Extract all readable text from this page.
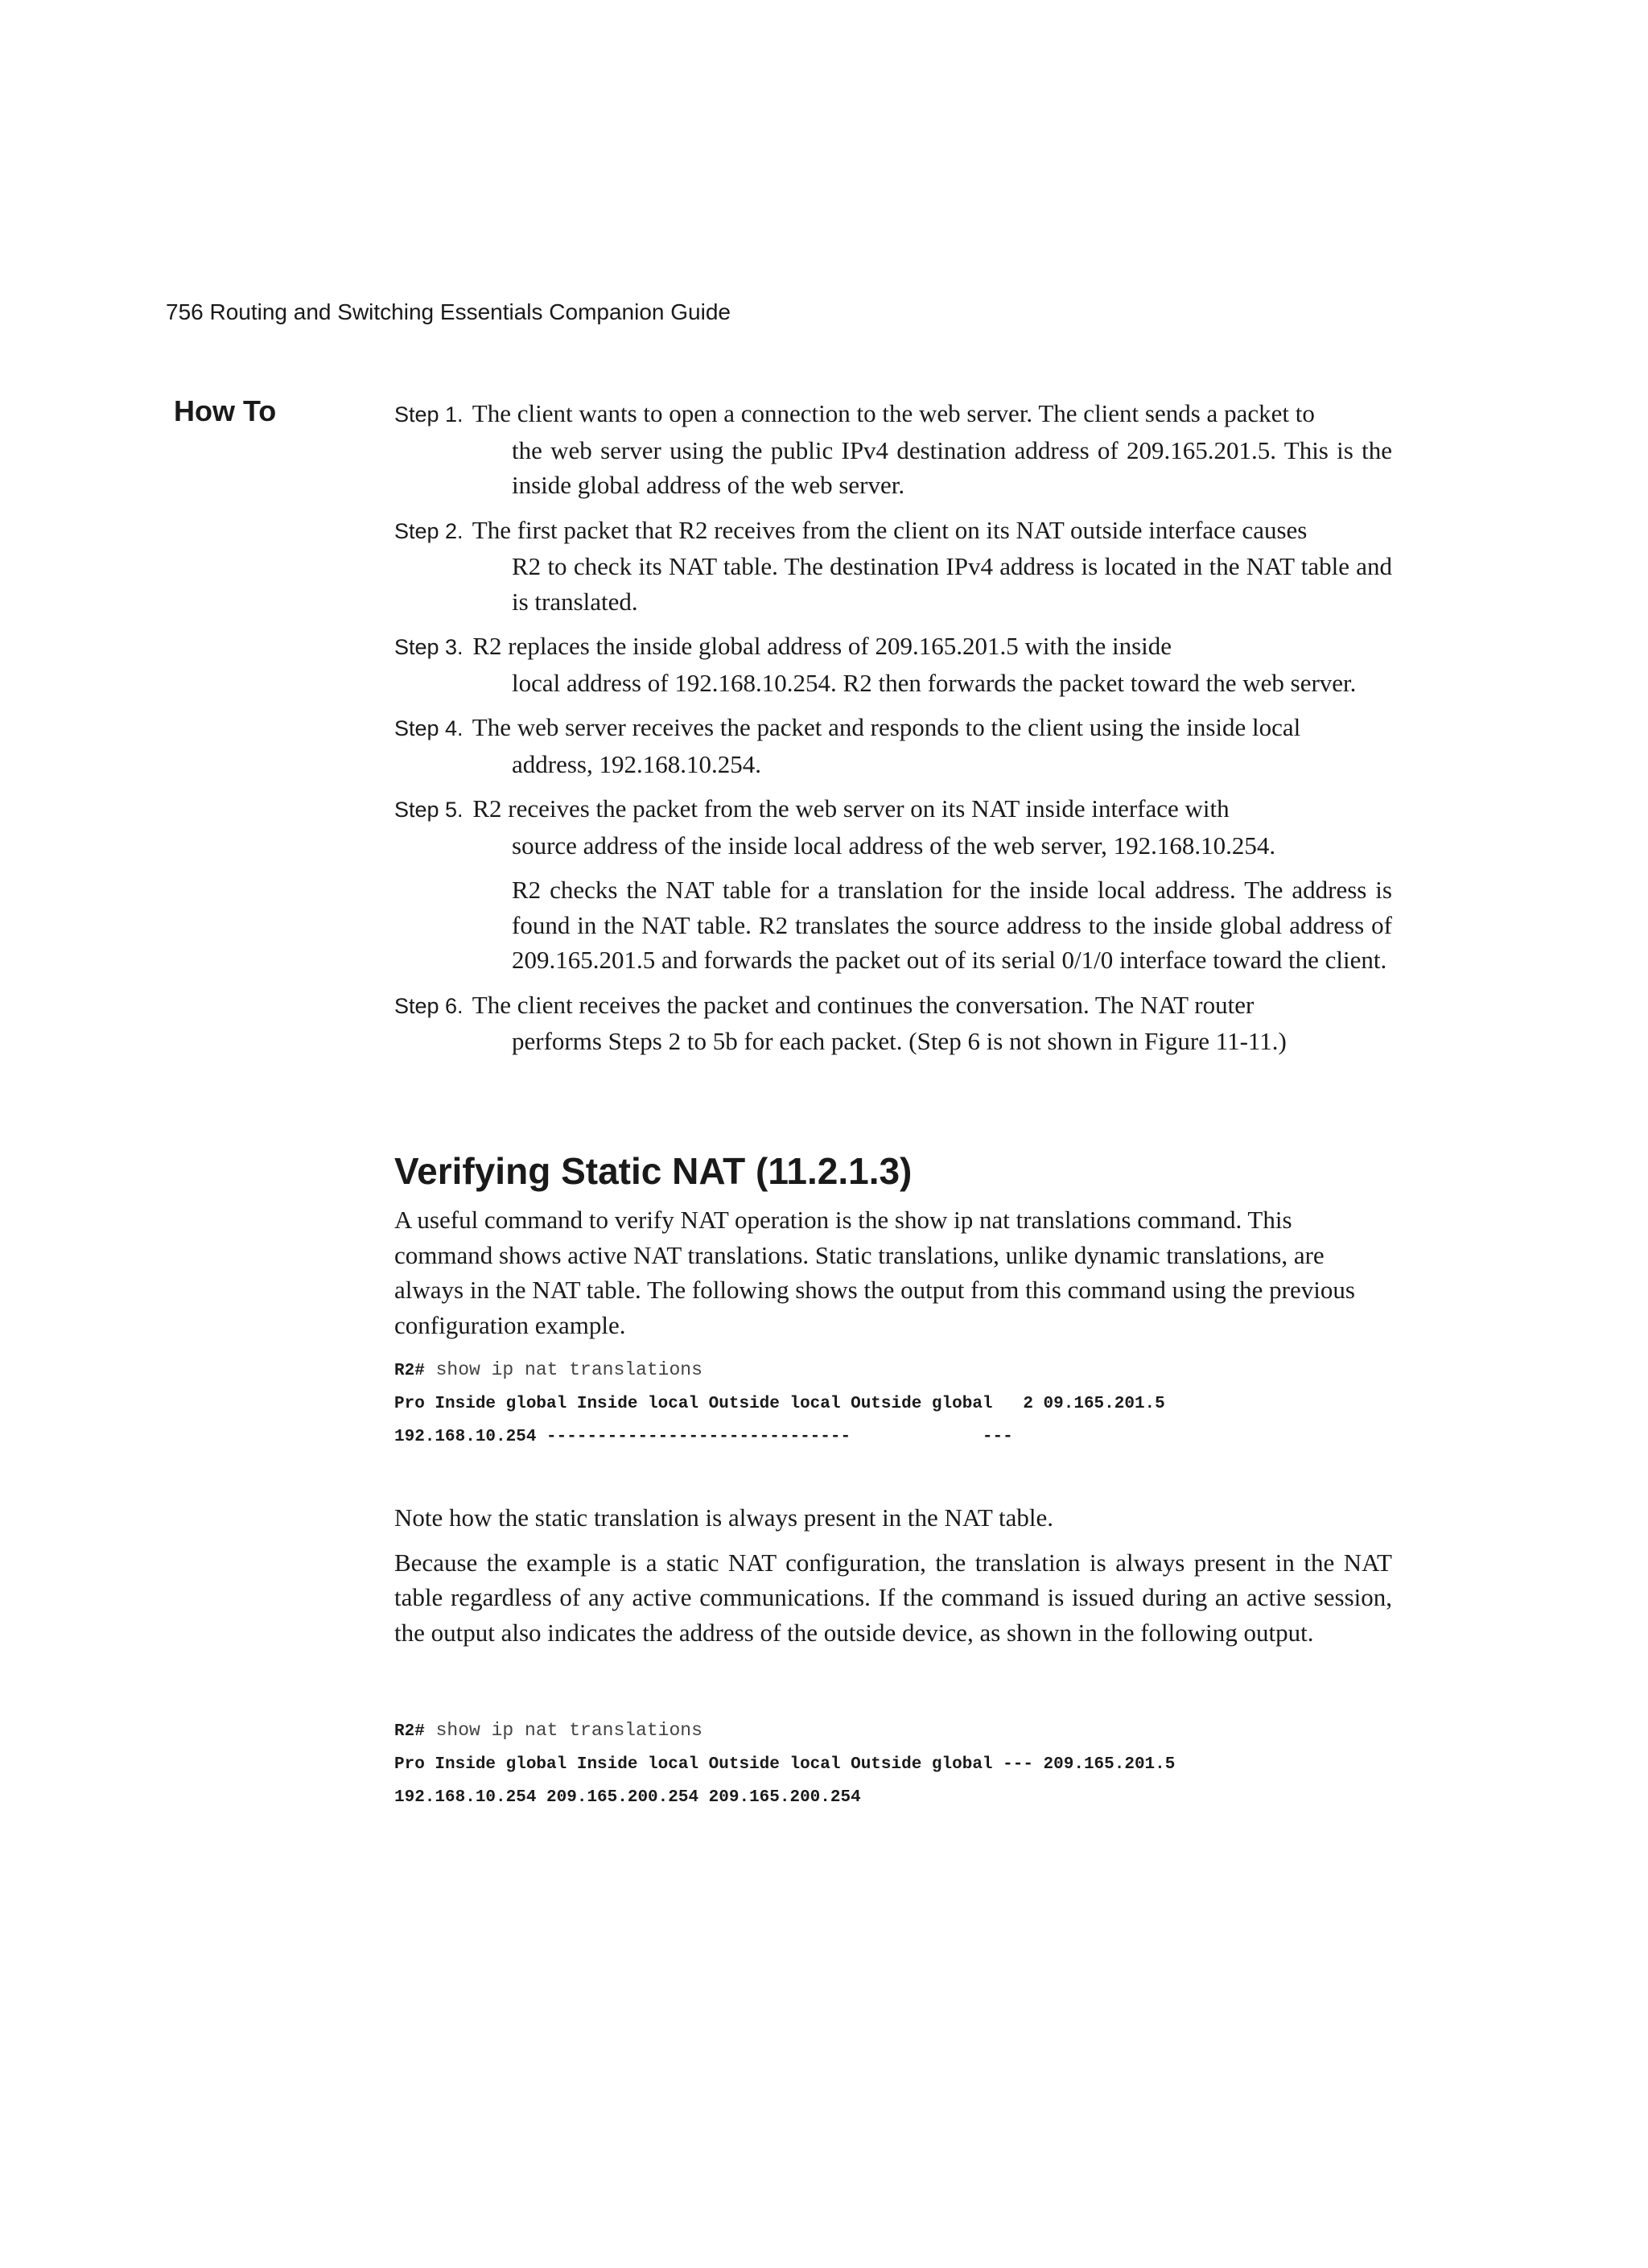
756 Routing and Switching Essentials Companion Guide
How To	Step 1. The client wants to open a connection to the web server. The client sends a packet to
the web server using the public IPv4 destination address of 209.165.201.5. This is the inside global address of the web server.
Step 2. The first packet that R2 receives from the client on its NAT outside interface causes
R2 to check its NAT table. The destination IPv4 address is located in the NAT table and is translated.
Step 3. R2 replaces the inside global address of 209.165.201.5 with the inside
local address of 192.168.10.254. R2 then forwards the packet toward the web server.
Step 4. The web server receives the packet and responds to the client using the inside local
address, 192.168.10.254.
Step 5. R2 receives the packet from the web server on its NAT inside interface with
source address of the inside local address of the web server, 192.168.10.254.
R2 checks the NAT table for a translation for the inside local address. The address is found in the NAT table. R2 translates the source address to the inside global address of 209.165.201.5 and forwards the packet out of its serial 0/1/0 interface toward the client.
Step 6. The client receives the packet and continues the conversation. The NAT router
performs Steps 2 to 5b for each packet. (Step 6 is not shown in Figure 11-11.)
Verifying Static NAT (11.2.1.3)

A useful command to verify NAT operation is the show ip nat translations command. This command shows active NAT translations. Static translations, unlike dynamic translations, are always in the NAT table. The following shows the output from this command using the previous configuration example.

R2# show ip nat translations
Pro Inside global Inside local Outside local Outside global   2 09.165.201.5
192.168.10.254 ------------------------------             ---

Note how the static translation is always present in the NAT table.

Because the example is a static NAT configuration, the translation is always present in the NAT table regardless of any active communications. If the command is issued during an active session, the output also indicates the address of the outside device, as shown in the following output.

R2# show ip nat translations
Pro Inside global Inside local Outside local Outside global --- 209.165.201.5
192.168.10.254 209.165.200.254 209.165.200.254
